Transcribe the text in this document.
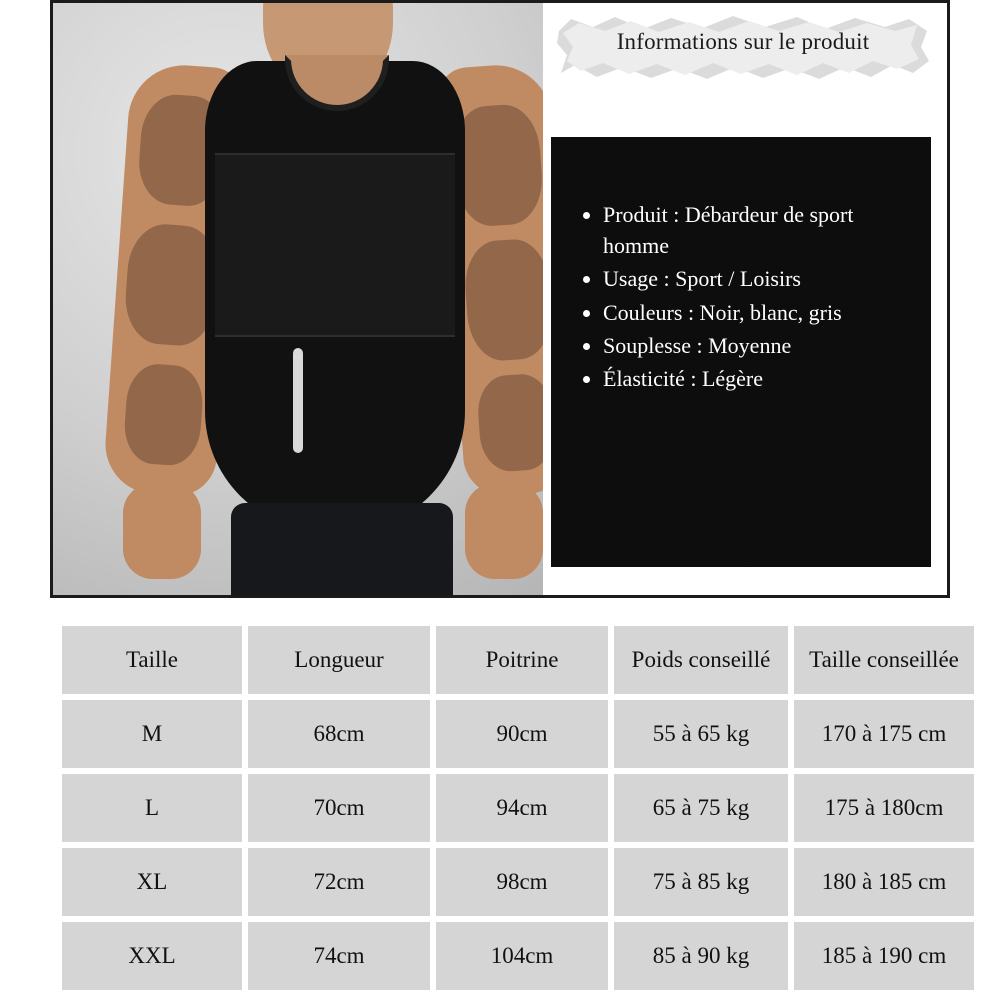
Informations sur le produit
• Produit : Débardeur de sport homme
• Usage : Sport / Loisirs
• Couleurs : Noir, blanc, gris
• Souplesse : Moyenne
• Élasticité : Légère
Taille	Longueur	Poitrine	Poids conseillé	Taille conseillée
M	68cm	90cm	55 à 65 kg	170 à 175 cm
L	70cm	94cm	65 à 75 kg	175 à 180cm
XL	72cm	98cm	75 à 85 kg	180 à 185 cm
XXL	74cm	104cm	85 à 90 kg	185 à 190 cm
